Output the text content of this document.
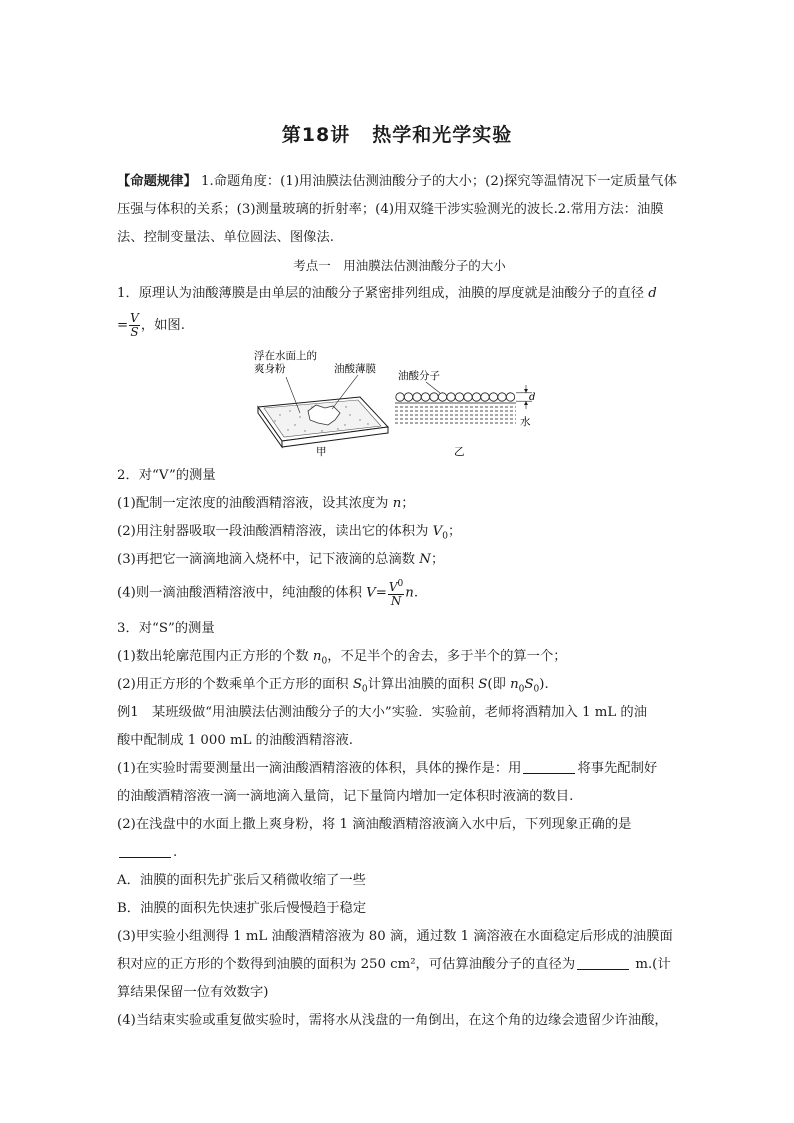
第18讲 热学和光学实验
【命题规律】 1.命题角度：(1)用油膜法估测油酸分子的大小；(2)探究等温情况下一定质量气体
压强与体积的关系；(3)测量玻璃的折射率；(4)用双缝干涉实验测光的波长.2.常用方法：油膜
法、控制变量法、单位圆法、图像法.
考点一　用油膜法估测油酸分子的大小
1．原理认为油酸薄膜是由单层的油酸分子紧密排列组成，油膜的厚度就是油酸分子的直径 d
= $\frac{V}{S}$ ，如图.
浮在水面上的
爽身粉	油酸薄膜
甲
油酸分子
d
水
乙
2．对“V”的测量
(1)配制一定浓度的油酸酒精溶液，设其浓度为 n；
(2)用注射器吸取一段油酸酒精溶液，读出它的体积为 $V_0$；
(3)再把它一滴滴地滴入烧杯中，记下液滴的总滴数 N；
(4)则一滴油酸酒精溶液中，纯油酸的体积 $V= \frac{V^0}{N} n$.
3．对“S”的测量
(1)数出轮廓范围内正方形的个数 $n_0$，不足半个的舍去，多于半个的算一个；
(2)用正方形的个数乘单个正方形的面积 $S_0$计算出油膜的面积 S(即 $n_0S_0$).
例1　某班级做“用油膜法估测油酸分子的大小”实验．实验前，老师将酒精加入 1 mL 的油
酸中配制成 1 000 mL 的油酸酒精溶液.
(1)在实验时需要测量出一滴油酸酒精溶液的体积，具体的操作是：用	将事先配制好
的油酸酒精溶液一滴一滴地滴入量筒，记下量筒内增加一定体积时液滴的数目.
(2)在浅盘中的水面上撒上爽身粉，将 1 滴油酸酒精溶液滴入水中后，下列现象正确的是
.
A．油膜的面积先扩张后又稍微收缩了一些
B．油膜的面积先快速扩张后慢慢趋于稳定
(3)甲实验小组测得 1 mL 油酸酒精溶液为 80 滴，通过数 1 滴溶液在水面稳定后形成的油膜面
积对应的正方形的个数得到油膜的面积为 250 cm²，可估算油酸分子的直径为	m.(计
算结果保留一位有效数字)
(4)当结束实验或重复做实验时，需将水从浅盘的一角倒出，在这个角的边缘会遗留少许油酸，
